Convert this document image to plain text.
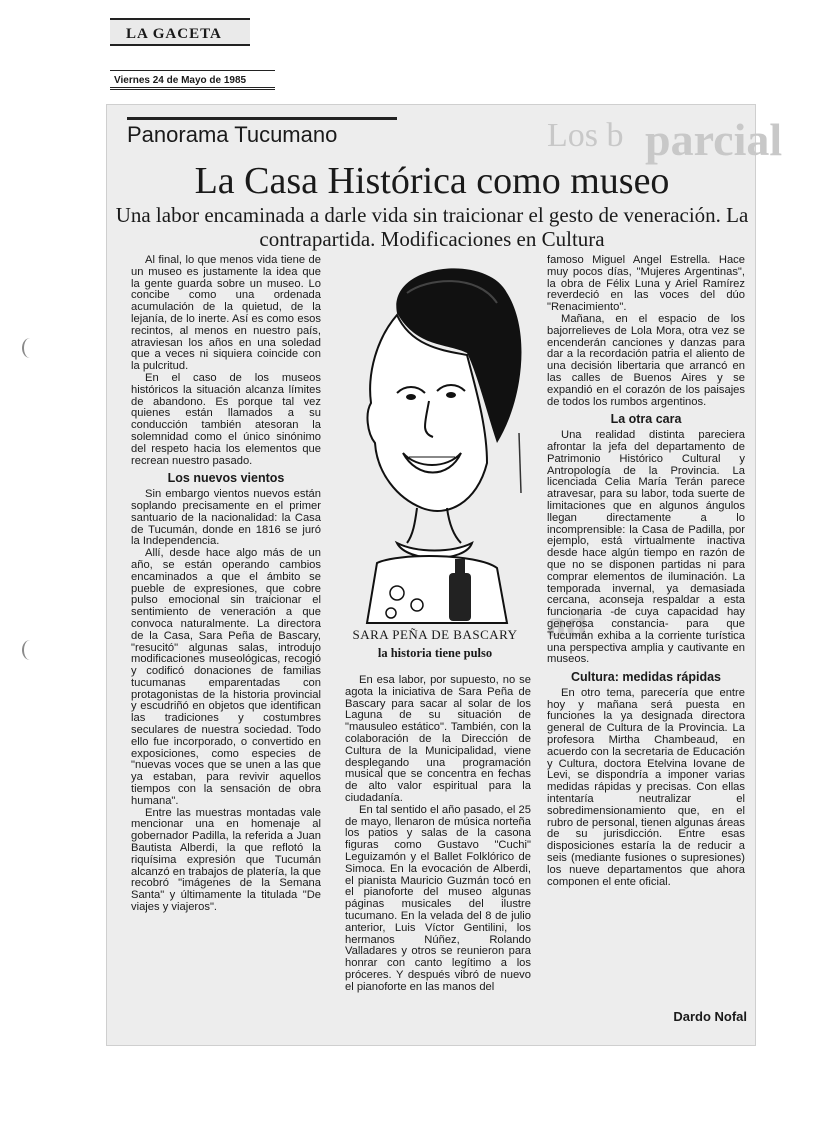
LA GACETA
Viernes 24 de Mayo de 1985
parcial
Los b
ad
Panorama Tucumano
La Casa Histórica como museo
Una labor encaminada a darle vida sin traicionar el gesto de veneración. La contrapartida. Modificaciones en Cultura

Al final, lo que menos vida tiene de un museo es justamente la idea que la gente guarda sobre un museo. Lo concibe como una ordenada acumulación de la quietud, de la lejanía, de lo inerte. Así es como esos recintos, al menos en nuestro país, atraviesan los años en una soledad que a veces ni siquiera coincide con la pulcritud.

En el caso de los museos históricos la situación alcanza límites de abandono. Es porque tal vez quienes están llamados a su conducción también atesoran la solemnidad como el único sinónimo del respeto hacia los elementos que recrean nuestro pasado.

Los nuevos vientos

Sin embargo vientos nuevos están soplando precisamente en el primer santuario de la nacionalidad: la Casa de Tucumán, donde en 1816 se juró la Independencia.

Allí, desde hace algo más de un año, se están operando cambios encaminados a que el ámbito se pueble de expresiones, que cobre pulso emocional sin traicionar el sentimiento de veneración a que convoca naturalmente. La directora de la Casa, Sara Peña de Bascary, "resucitó" algunas salas, introdujo modificaciones museológicas, recogió y codificó donaciones de familias tucumanas emparentadas con protagonistas de la historia provincial y escudriñó en objetos que identifican las tradiciones y costumbres seculares de nuestra sociedad. Todo ello fue incorporado, o convertido en exposiciones, como especies de "nuevas voces que se unen a las que ya estaban, para revivir aquellos tiempos con la sensación de obra humana".

Entre las muestras montadas vale mencionar una en homenaje al gobernador Padilla, la referida a Juan Bautista Alberdi, la que reflotó la riquísima expresión que Tucumán alcanzó en trabajos de platería, la que recobró "imágenes de la Semana Santa" y últimamente la titulada "De viajes y viajeros".

SARA PEÑA DE BASCARY
la historia tiene pulso

En esa labor, por supuesto, no se agota la iniciativa de Sara Peña de Bascary para sacar al solar de los Laguna de su situación de "mausuleo estático". También, con la colaboración de la Dirección de Cultura de la Municipalidad, viene desplegando una programación musical que se concentra en fechas de alto valor espiritual para la ciudadanía.

En tal sentido el año pasado, el 25 de mayo, llenaron de música norteña los patios y salas de la casona figuras como Gustavo "Cuchi" Leguizamón y el Ballet Folklórico de Simoca. En la evocación de Alberdi, el pianista Mauricio Guzmán tocó en el pianoforte del museo algunas páginas musicales del ilustre tucumano. En la velada del 8 de julio anterior, Luis Víctor Gentilini, los hermanos Núñez, Rolando Valladares y otros se reunieron para honrar con canto legítimo a los próceres. Y después vibró de nuevo el pianoforte en las manos del

famoso Miguel Angel Estrella. Hace muy pocos días, "Mujeres Argentinas", la obra de Félix Luna y Ariel Ramírez reverdeció en las voces del dúo "Renacimiento".

Mañana, en el espacio de los bajorrelieves de Lola Mora, otra vez se encenderán canciones y danzas para dar a la recordación patria el aliento de una decisión libertaria que arrancó en las calles de Buenos Aires y se expandió en el corazón de los paisajes de todos los rumbos argentinos.

La otra cara

Una realidad distinta pareciera afrontar la jefa del departamento de Patrimonio Histórico Cultural y Antropología de la Provincia. La licenciada Celia María Terán parece atravesar, para su labor, toda suerte de limitaciones que en algunos ángulos llegan directamente a lo incomprensible: la Casa de Padilla, por ejemplo, está virtualmente inactiva desde hace algún tiempo en razón de que no se disponen partidas ni para comprar elementos de iluminación. La temporada invernal, ya demasiada cercana, aconseja respaldar a esta funcionaria -de cuya capacidad hay generosa constancia- para que Tucumán exhiba a la corriente turística una perspectiva amplia y cautivante en museos.

Cultura: medidas rápidas

En otro tema, parecería que entre hoy y mañana será puesta en funciones la ya designada directora general de Cultura de la Provincia. La profesora Mirtha Chambeaud, en acuerdo con la secretaria de Educación y Cultura, doctora Etelvina Iovane de Levi, se dispondría a imponer varias medidas rápidas y precisas. Con ellas intentaría neutralizar el sobredimensionamiento que, en el rubro de personal, tienen algunas áreas de su jurisdicción. Entre esas disposiciones estaría la de reducir a seis (mediante fusiones o supresiones) los nueve departamentos que ahora componen el ente oficial.

Dardo Nofal
